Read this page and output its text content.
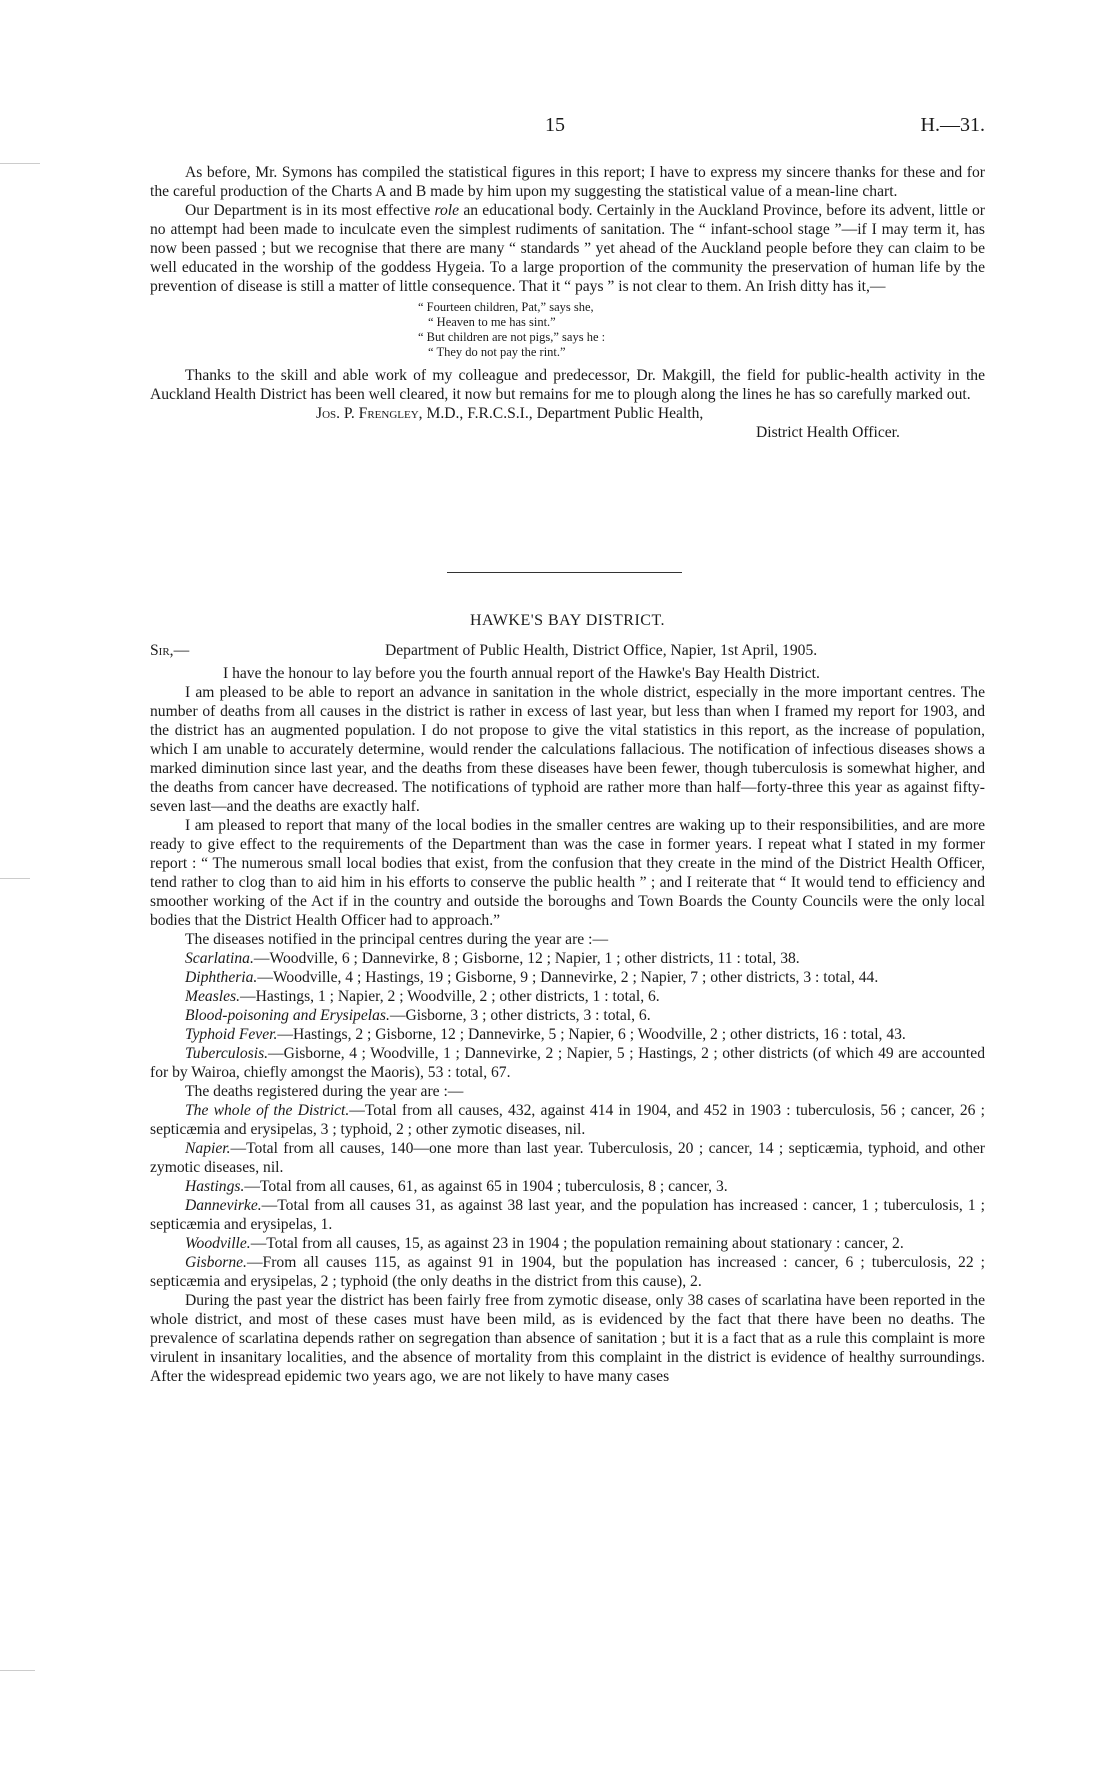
15	H.—31.

As before, Mr. Symons has compiled the statistical figures in this report; I have to express my sincere thanks for these and for the careful production of the Charts A and B made by him upon my suggesting the statistical value of a mean-line chart.

Our Department is in its most effective role an educational body. Certainly in the Auckland Province, before its advent, little or no attempt had been made to inculcate even the simplest rudiments of sanitation. The “ infant-school stage ”—if I may term it, has now been passed ; but we recognise that there are many “ standards ” yet ahead of the Auckland people before they can claim to be well educated in the worship of the goddess Hygeia. To a large proportion of the community the preservation of human life by the prevention of disease is still a matter of little consequence. That it “ pays ” is not clear to them. An Irish ditty has it,—

“ Fourteen children, Pat,” says she,
“ Heaven to me has sint.”
“ But children are not pigs,” says he :
“ They do not pay the rint.”

Thanks to the skill and able work of my colleague and predecessor, Dr. Makgill, the field for public-health activity in the Auckland Health District has been well cleared, it now but remains for me to plough along the lines he has so carefully marked out.

Jos. P. Frengley, M.D., F.R.C.S.I., Department Public Health,

District Health Officer.

HAWKE'S BAY DISTRICT.
Sir,—	Department of Public Health, District Office, Napier, 1st April, 1905.

I have the honour to lay before you the fourth annual report of the Hawke's Bay Health District.

I am pleased to be able to report an advance in sanitation in the whole district, especially in the more important centres. The number of deaths from all causes in the district is rather in excess of last year, but less than when I framed my report for 1903, and the district has an augmented population. I do not propose to give the vital statistics in this report, as the increase of population, which I am unable to accurately determine, would render the calculations fallacious. The notification of infectious diseases shows a marked diminution since last year, and the deaths from these diseases have been fewer, though tuberculosis is somewhat higher, and the deaths from cancer have decreased. The notifications of typhoid are rather more than half—forty-three this year as against fifty-seven last—and the deaths are exactly half.

I am pleased to report that many of the local bodies in the smaller centres are waking up to their responsibilities, and are more ready to give effect to the requirements of the Department than was the case in former years. I repeat what I stated in my former report : “ The numerous small local bodies that exist, from the confusion that they create in the mind of the District Health Officer, tend rather to clog than to aid him in his efforts to conserve the public health ” ; and I reiterate that “ It would tend to efficiency and smoother working of the Act if in the country and outside the boroughs and Town Boards the County Councils were the only local bodies that the District Health Officer had to approach.”

The diseases notified in the principal centres during the year are :—

Scarlatina.—Woodville, 6 ; Dannevirke, 8 ; Gisborne, 12 ; Napier, 1 ; other districts, 11 : total, 38.

Diphtheria.—Woodville, 4 ; Hastings, 19 ; Gisborne, 9 ; Dannevirke, 2 ; Napier, 7 ; other districts, 3 : total, 44.

Measles.—Hastings, 1 ; Napier, 2 ; Woodville, 2 ; other districts, 1 : total, 6.

Blood-poisoning and Erysipelas.—Gisborne, 3 ; other districts, 3 : total, 6.

Typhoid Fever.—Hastings, 2 ; Gisborne, 12 ; Dannevirke, 5 ; Napier, 6 ; Woodville, 2 ; other districts, 16 : total, 43.

Tuberculosis.—Gisborne, 4 ; Woodville, 1 ; Dannevirke, 2 ; Napier, 5 ; Hastings, 2 ; other districts (of which 49 are accounted for by Wairoa, chiefly amongst the Maoris), 53 : total, 67.

The deaths registered during the year are :—

The whole of the District.—Total from all causes, 432, against 414 in 1904, and 452 in 1903 : tuberculosis, 56 ; cancer, 26 ; septicæmia and erysipelas, 3 ; typhoid, 2 ; other zymotic diseases, nil.

Napier.—Total from all causes, 140—one more than last year. Tuberculosis, 20 ; cancer, 14 ; septicæmia, typhoid, and other zymotic diseases, nil.

Hastings.—Total from all causes, 61, as against 65 in 1904 ; tuberculosis, 8 ; cancer, 3.

Dannevirke.—Total from all causes 31, as against 38 last year, and the population has increased : cancer, 1 ; tuberculosis, 1 ; septicæmia and erysipelas, 1.

Woodville.—Total from all causes, 15, as against 23 in 1904 ; the population remaining about stationary : cancer, 2.

Gisborne.—From all causes 115, as against 91 in 1904, but the population has increased : cancer, 6 ; tuberculosis, 22 ; septicæmia and erysipelas, 2 ; typhoid (the only deaths in the district from this cause), 2.

During the past year the district has been fairly free from zymotic disease, only 38 cases of scarlatina have been reported in the whole district, and most of these cases must have been mild, as is evidenced by the fact that there have been no deaths. The prevalence of scarlatina depends rather on segregation than absence of sanitation ; but it is a fact that as a rule this complaint is more virulent in insanitary localities, and the absence of mortality from this complaint in the district is evidence of healthy surroundings. After the widespread epidemic two years ago, we are not likely to have many cases
